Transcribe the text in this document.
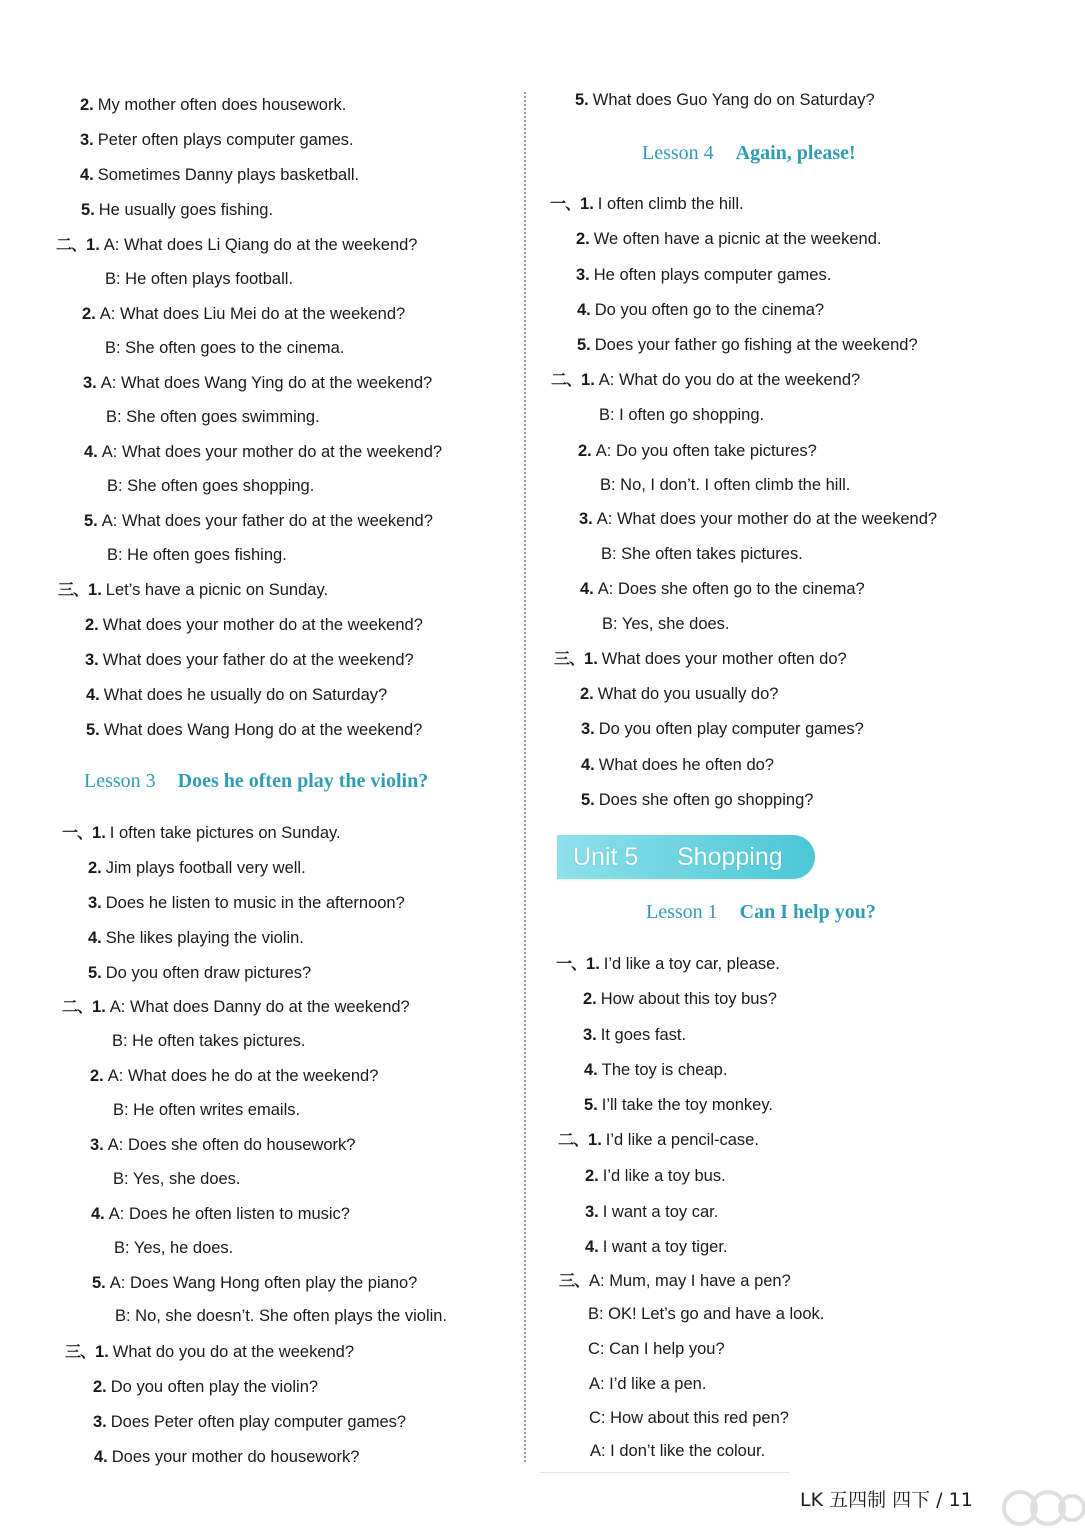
2. My mother often does housework.
3. Peter often plays computer games.
4. Sometimes Danny plays basketball.
5. He usually goes fishing.
二、1. A: What does Li Qiang do at the weekend?
B: He often plays football.
2. A: What does Liu Mei do at the weekend?
B: She often goes to the cinema.
3. A: What does Wang Ying do at the weekend?
B: She often goes swimming.
4. A: What does your mother do at the weekend?
B: She often goes shopping.
5. A: What does your father do at the weekend?
B: He often goes fishing.
三、1. Let’s have a picnic on Sunday.
2. What does your mother do at the weekend?
3. What does your father do at the weekend?
4. What does he usually do on Saturday?
5. What does Wang Hong do at the weekend?
Lesson 3 Does he often play the violin?
一、1. I often take pictures on Sunday.
2. Jim plays football very well.
3. Does he listen to music in the afternoon?
4. She likes playing the violin.
5. Do you often draw pictures?
二、1. A: What does Danny do at the weekend?
B: He often takes pictures.
2. A: What does he do at the weekend?
B: He often writes emails.
3. A: Does she often do housework?
B: Yes, she does.
4. A: Does he often listen to music?
B: Yes, he does.
5. A: Does Wang Hong often play the piano?
B: No, she doesn’t. She often plays the violin.
三、1. What do you do at the weekend?
2. Do you often play the violin?
3. Does Peter often play computer games?
4. Does your mother do housework?
5. What does Guo Yang do on Saturday?
Lesson 4 Again, please!
一、1. I often climb the hill.
2. We often have a picnic at the weekend.
3. He often plays computer games.
4. Do you often go to the cinema?
5. Does your father go fishing at the weekend?
二、1. A: What do you do at the weekend?
B: I often go shopping.
2. A: Do you often take pictures?
B: No, I don’t. I often climb the hill.
3. A: What does your mother do at the weekend?
B: She often takes pictures.
4. A: Does she often go to the cinema?
B: Yes, she does.
三、1. What does your mother often do?
2. What do you usually do?
3. Do you often play computer games?
4. What does he often do?
5. Does she often go shopping?
Unit 5 Shopping
Lesson 1 Can I help you?
一、1. I’d like a toy car, please.
2. How about this toy bus?
3. It goes fast.
4. The toy is cheap.
5. I’ll take the toy monkey.
二、1. I’d like a pencil-case.
2. I’d like a toy bus.
3. I want a toy car.
4. I want a toy tiger.
三、A: Mum, may I have a pen?
B: OK! Let’s go and have a look.
C: Can I help you?
A: I’d like a pen.
C: How about this red pen?
A: I don’t like the colour.
LK 五四制 四下 / 11
